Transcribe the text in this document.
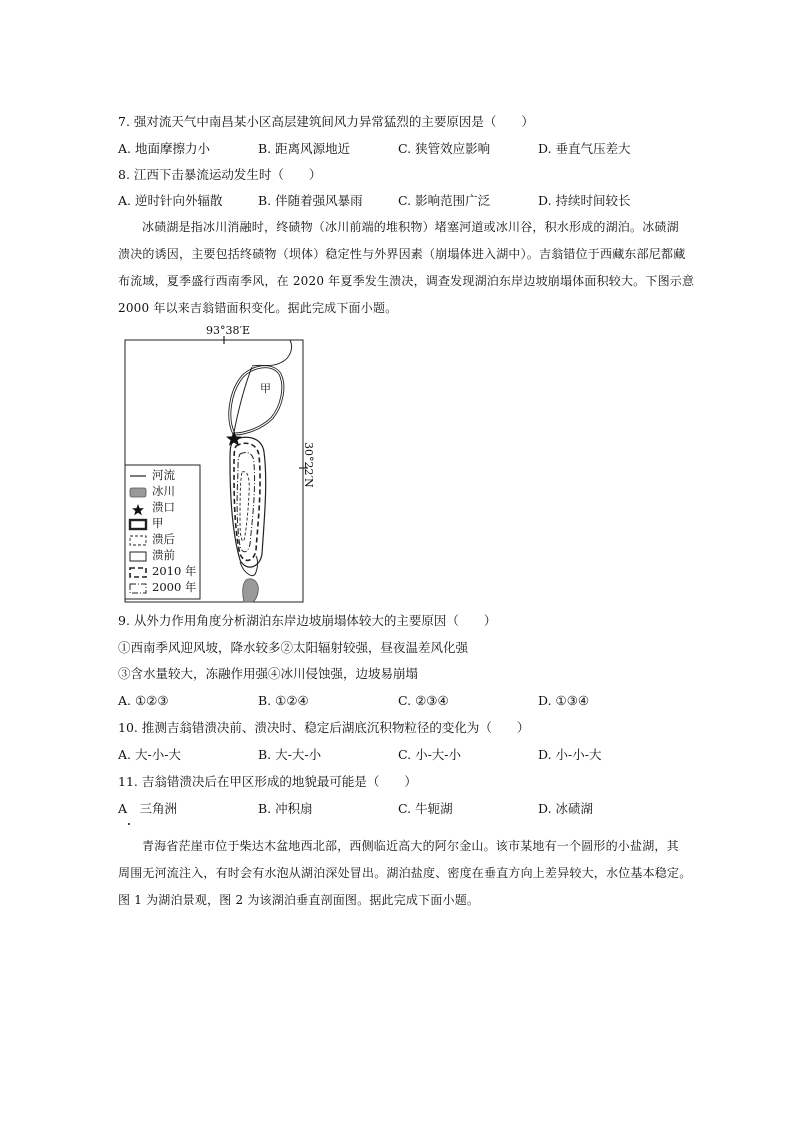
7. 强对流天气中南昌某小区高层建筑间风力异常猛烈的主要原因是（　　）
A. 地面摩擦力小	B. 距离风源地近	C. 狭管效应影响	D. 垂直气压差大
8. 江西下击暴流运动发生时（　　）
A. 逆时针向外辐散	B. 伴随着强风暴雨	C. 影响范围广泛	D. 持续时间较长
冰碛湖是指冰川消融时，终碛物（冰川前端的堆积物）堵塞河道或冰川谷，积水形成的湖泊。冰碛湖
溃决的诱因，主要包括终碛物（坝体）稳定性与外界因素（崩塌体进入湖中）。吉翁错位于西藏东部尼都藏
布流域，夏季盛行西南季风，在 2020 年夏季发生溃决，调查发现湖泊东岸边坡崩塌体面积较大。下图示意
2000 年以来吉翁错面积变化。据此完成下面小题。
93°38′E
30°22′N
甲
河流
冰川
溃口
甲
溃后
溃前
2010 年
2000 年
9. 从外力作用角度分析湖泊东岸边坡崩塌体较大的主要原因（　　）
①西南季风迎风坡，降水较多②太阳辐射较强，昼夜温差风化强
③含水量较大，冻融作用强④冰川侵蚀强，边坡易崩塌
A. ①②③	B. ①②④	C. ②③④	D. ①③④
10. 推测吉翁错溃决前、溃决时、稳定后湖底沉积物粒径的变化为（　　）
A. 大-小-大	B. 大-大-小	C. 小-大-小	D. 小-小-大
11. 吉翁错溃决后在甲区形成的地貌最可能是（　　）
A　三角洲	B. 冲积扇	C. 牛轭湖	D. 冰碛湖
青海省茫崖市位于柴达木盆地西北部，西侧临近高大的阿尔金山。该市某地有一个圆形的小盐湖，其
周围无河流注入，有时会有水泡从湖泊深处冒出。湖泊盐度、密度在垂直方向上差异较大，水位基本稳定。
图 1 为湖泊景观，图 2 为该湖泊垂直剖面图。据此完成下面小题。
